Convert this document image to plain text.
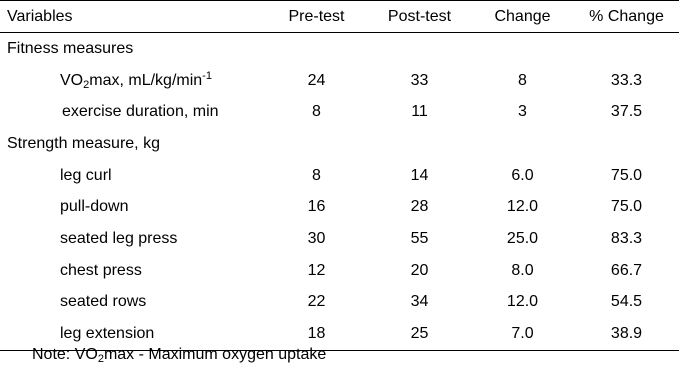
Variables	Pre-test	Post-test	Change	% Change
Fitness measures				
$VO_2\max$, $mL/kg/\min^{-1}$	24	33	8	33.3
exercise duration, min	8	11	3	37.5
Strength measure, kg				
leg curl	8	14	6.0	75.0
pull-down	16	28	12.0	75.0
seated leg press	30	55	25.0	83.3
chest press	12	20	8.0	66.7
seated rows	22	34	12.0	54.5
leg extension	18	25	7.0	38.9
Note: $VO_2\max$ - Maximum oxygen uptake
